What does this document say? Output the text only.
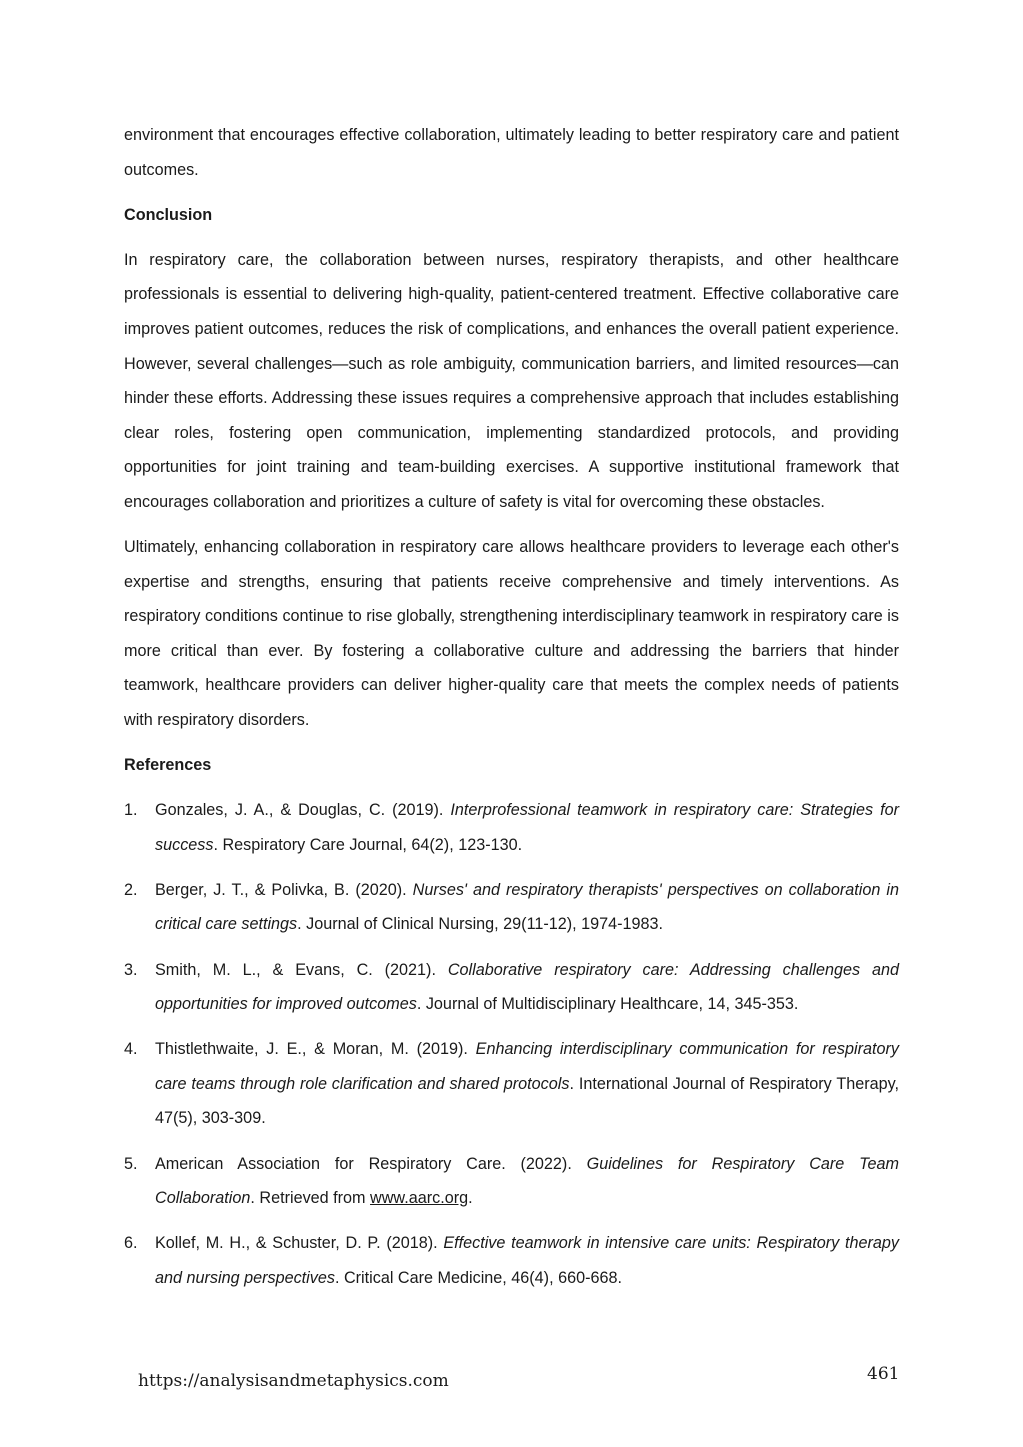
environment that encourages effective collaboration, ultimately leading to better respiratory care and patient outcomes.

Conclusion

In respiratory care, the collaboration between nurses, respiratory therapists, and other healthcare professionals is essential to delivering high-quality, patient-centered treatment. Effective collaborative care improves patient outcomes, reduces the risk of complications, and enhances the overall patient experience. However, several challenges—such as role ambiguity, communication barriers, and limited resources—can hinder these efforts. Addressing these issues requires a comprehensive approach that includes establishing clear roles, fostering open communication, implementing standardized protocols, and providing opportunities for joint training and team-building exercises. A supportive institutional framework that encourages collaboration and prioritizes a culture of safety is vital for overcoming these obstacles.

Ultimately, enhancing collaboration in respiratory care allows healthcare providers to leverage each other's expertise and strengths, ensuring that patients receive comprehensive and timely interventions. As respiratory conditions continue to rise globally, strengthening interdisciplinary teamwork in respiratory care is more critical than ever. By fostering a collaborative culture and addressing the barriers that hinder teamwork, healthcare providers can deliver higher-quality care that meets the complex needs of patients with respiratory disorders.

References

1. Gonzales, J. A., & Douglas, C. (2019). Interprofessional teamwork in respiratory care: Strategies for success. Respiratory Care Journal, 64(2), 123-130.
2. Berger, J. T., & Polivka, B. (2020). Nurses' and respiratory therapists' perspectives on collaboration in critical care settings. Journal of Clinical Nursing, 29(11-12), 1974-1983.
3. Smith, M. L., & Evans, C. (2021). Collaborative respiratory care: Addressing challenges and opportunities for improved outcomes. Journal of Multidisciplinary Healthcare, 14, 345-353.
4. Thistlethwaite, J. E., & Moran, M. (2019). Enhancing interdisciplinary communication for respiratory care teams through role clarification and shared protocols. International Journal of Respiratory Therapy, 47(5), 303-309.
5. American Association for Respiratory Care. (2022). Guidelines for Respiratory Care Team Collaboration. Retrieved from www.aarc.org.
6. Kollef, M. H., & Schuster, D. P. (2018). Effective teamwork in intensive care units: Respiratory therapy and nursing perspectives. Critical Care Medicine, 46(4), 660-668.
https://analysisandmetaphysics.com	461
